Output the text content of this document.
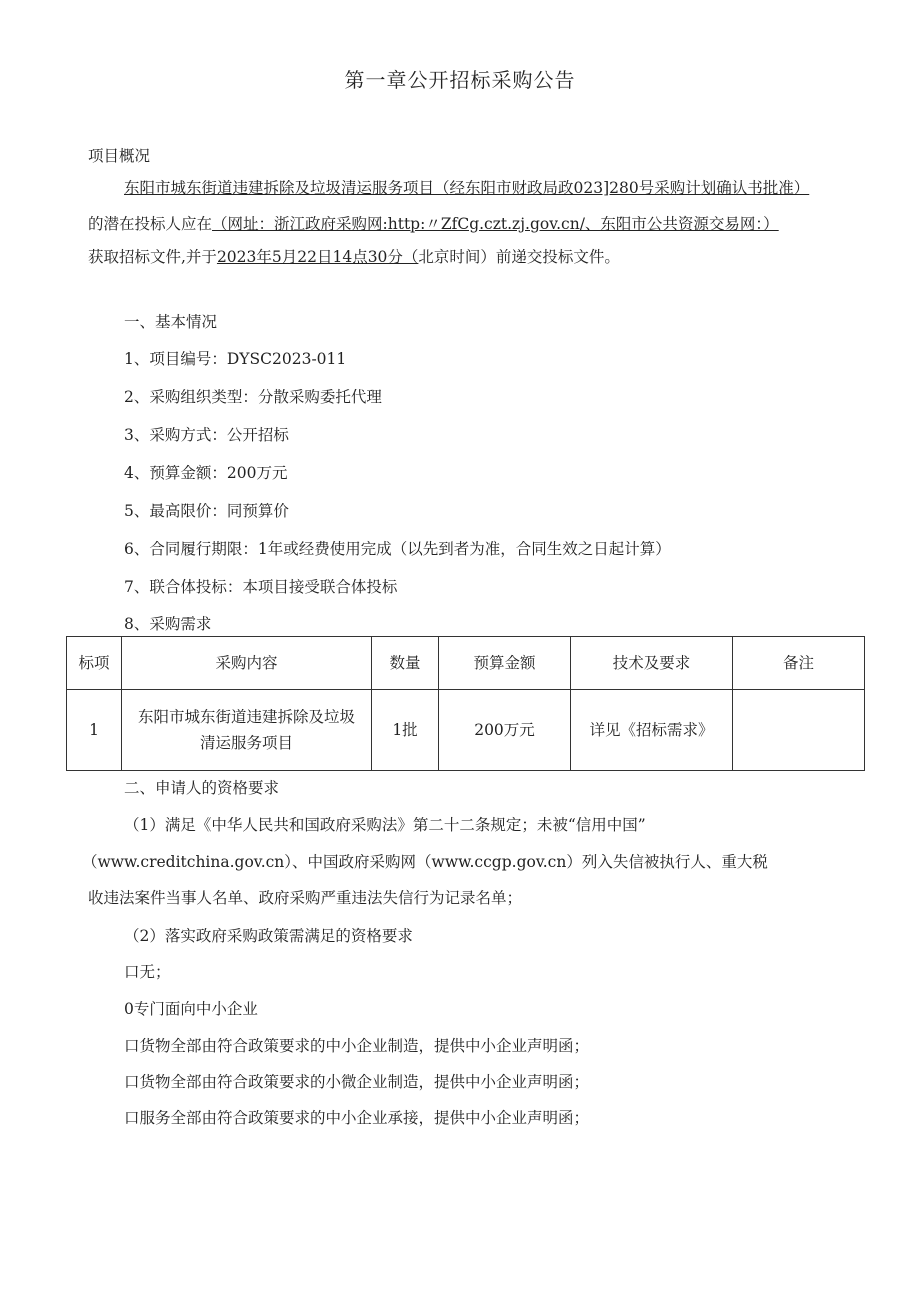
第一章公开招标采购公告
项目概况
东阳市城东街道违建拆除及垃圾清运服务项目（经东阳市财政局政023]280号采购计划确认书批准）
的潜在投标人应在（网址：浙江政府采购网:http:〃ZfCg.czt.zj.gov.cn/、东阳市公共资源交易网：）
获取招标文件,并于2023年5月22日14点30分（北京时间）前递交投标文件。
一、基本情况
1、项目编号：DYSC2023-011
2、采购组织类型：分散采购委托代理
3、采购方式：公开招标
4、预算金额：200万元
5、最高限价：同预算价
6、合同履行期限：1年或经费使用完成（以先到者为准，合同生效之日起计算）
7、联合体投标：本项目接受联合体投标
8、采购需求
标项	采购内容	数量	预算金额	技术及要求	备注
1	东阳市城东街道违建拆除及垃圾
清运服务项目	1批	200万元	详见《招标需求》	
二、申请人的资格要求
（1）满足《中华人民共和国政府采购法》第二十二条规定；未被“信用中国”
（www.creditchina.gov.cn）、中国政府采购网（www.ccgp.gov.cn）列入失信被执行人、重大税
收违法案件当事人名单、政府采购严重违法失信行为记录名单；
（2）落实政府采购政策需满足的资格要求
口无；
0专门面向中小企业
口货物全部由符合政策要求的中小企业制造，提供中小企业声明函；
口货物全部由符合政策要求的小微企业制造，提供中小企业声明函；
口服务全部由符合政策要求的中小企业承接，提供中小企业声明函；
